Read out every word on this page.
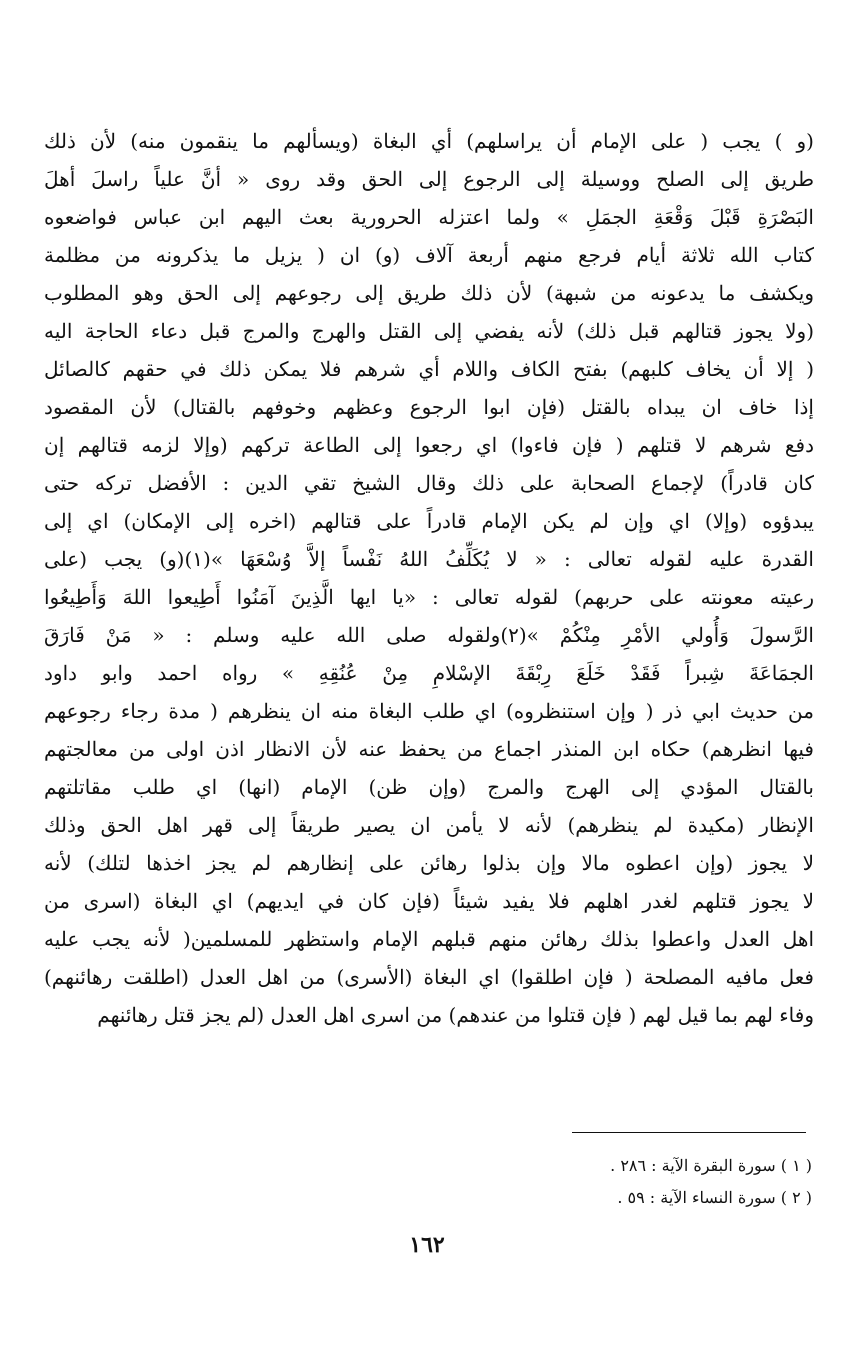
(و ) يجب ( على الإمام أن يراسلهم) أي البغاة (ويسألهم ما ينقمون منه) لأن ذلك
طريق إلى الصلح ووسيلة إلى الرجوع إلى الحق وقد روى « أنَّ علياً راسلَ أهلَ
البَصْرَةِ قَبْلَ وَقْعَةِ الجمَلِ » ولما اعتزله الحرورية بعث اليهم ابن عباس فواضعوه
كتاب الله ثلاثة أيام فرجع منهم أربعة آلاف (و) ان ( يزيل ما يذكرونه من مظلمة
ويكشف ما يدعونه من شبهة) لأن ذلك طريق إلى رجوعهم إلى الحق وهو المطلوب
(ولا يجوز قتالهم قبل ذلك) لأنه يفضي إلى القتل والهرج والمرج قبل دعاء الحاجة اليه
( إلا أن يخاف كلبهم) بفتح الكاف واللام أي شرهم فلا يمكن ذلك في حقهم كالصائل
إذا خاف ان يبداه بالقتل (فإن ابوا الرجوع وعظهم وخوفهم بالقتال) لأن المقصود
دفع شرهم لا قتلهم ( فإن فاءوا) اي رجعوا إلى الطاعة تركهم (وإلا لزمه قتالهم إن
كان قادراً) لإجماع الصحابة على ذلك وقال الشيخ تقي الدين : الأفضل تركه حتى
يبدؤوه (وإلا) اي وإن لم يكن الإمام قادراً على قتالهم (اخره إلى الإمكان) اي إلى
القدرة عليه لقوله تعالى : « لا يُكَلِّفُ اللهُ نَفْساً إلاَّ وُسْعَهَا »(١)(و) يجب (على
رعيته معونته على حربهم) لقوله تعالى : «يا ايها الَّذِينَ آمَنُوا أَطِيعوا اللهَ وَأَطِيعُوا
الرَّسولَ وَأُولي الأمْرِ مِنْكُمْ »(٢)ولقوله صلى الله عليه وسلم : « مَنْ فَارَقَ
الجمَاعَةَ شِبراً فَقَدْ خَلَعَ رِبْقَةَ الإسْلامِ مِنْ عُنُقِهِ » رواه احمد وابو داود
من حديث ابي ذر ( وإن استنظروه) اي طلب البغاة منه ان ينظرهم ( مدة رجاء رجوعهم
فيها انظرهم) حكاه ابن المنذر اجماع من يحفظ عنه لأن الانظار اذن اولى من معالجتهم
بالقتال المؤدي إلى الهرج والمرج (وإن ظن) الإمام (انها) اي طلب مقاتلتهم
الإنظار (مكيدة لم ينظرهم) لأنه لا يأمن ان يصير طريقاً إلى قهر اهل الحق وذلك
لا يجوز (وإن اعطوه مالا وإن بذلوا رهائن على إنظارهم لم يجز اخذها لتلك) لأنه
لا يجوز قتلهم لغدر اهلهم فلا يفيد شيئاً (فإن كان في ايديهم) اي البغاة (اسرى من
اهل العدل واعطوا بذلك رهائن منهم قبلهم الإمام واستظهر للمسلمين( لأنه يجب عليه
فعل مافيه المصلحة ( فإن اطلقوا) اي البغاة (الأسرى) من اهل العدل (اطلقت رهائنهم)
وفاء لهم بما قيل لهم ( فإن قتلوا من عندهم) من اسرى اهل العدل (لم يجز قتل رهائنهم
( ١ ) سورة البقرة الآية : ٢٨٦ .
( ٢ ) سورة النساء الآية : ٥٩ .
١٦٢
